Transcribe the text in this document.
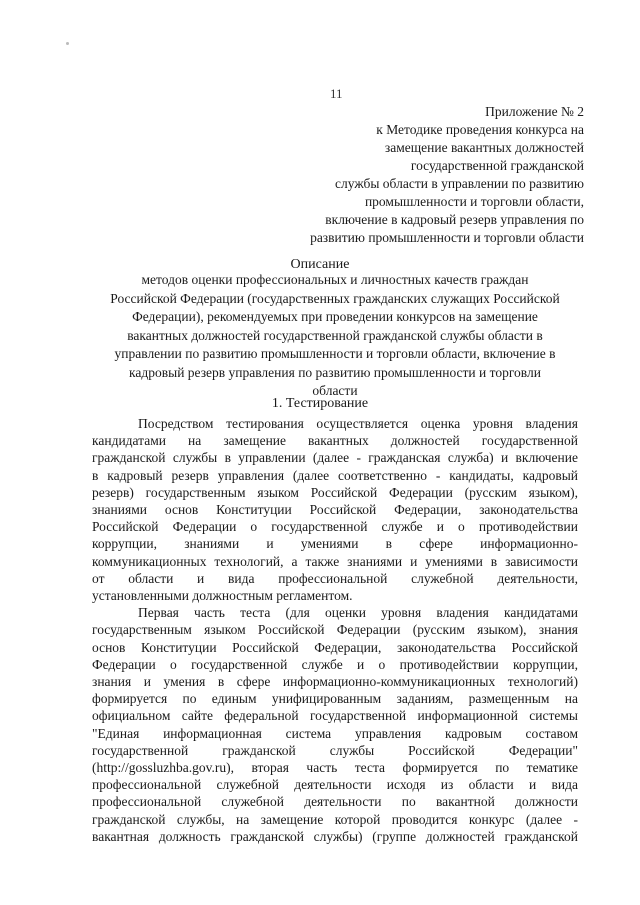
11
Приложение № 2
к Методике проведения конкурса на
замещение вакантных должностей
государственной гражданской
службы области в управлении по развитию
промышленности и торговли области,
включение в кадровый резерв управления по
развитию промышленности и торговли области
Описание
методов оценки профессиональных и личностных качеств граждан
Российской Федерации (государственных гражданских служащих Российской
Федерации), рекомендуемых при проведении конкурсов на замещение
вакантных должностей государственной гражданской службы области в
управлении по развитию промышленности и торговли области, включение в
кадровый резерв управления по развитию промышленности и торговли
области
1. Тестирование
Посредством тестирования осуществляется оценка уровня владения
кандидатами на замещение вакантных должностей государственной
гражданской службы в управлении (далее - гражданская служба) и включение
в кадровый резерв управления (далее соответственно - кандидаты, кадровый
резерв) государственным языком Российской Федерации (русским языком),
знаниями основ Конституции Российской Федерации, законодательства
Российской Федерации о государственной службе и о противодействии
коррупции, знаниями и умениями в сфере информационно-
коммуникационных технологий, а также знаниями и умениями в зависимости
от области и вида профессиональной служебной деятельности,
установленными должностным регламентом.
Первая часть теста (для оценки уровня владения кандидатами
государственным языком Российской Федерации (русским языком), знания
основ Конституции Российской Федерации, законодательства Российской
Федерации о государственной службе и о противодействии коррупции,
знания и умения в сфере информационно-коммуникационных технологий)
формируется по единым унифицированным заданиям, размещенным на
официальном сайте федеральной государственной информационной системы
"Единая информационная система управления кадровым составом
государственной гражданской службы Российской Федерации"
(http://gossluzhba.gov.ru), вторая часть теста формируется по тематике
профессиональной служебной деятельности исходя из области и вида
профессиональной служебной деятельности по вакантной должности
гражданской службы, на замещение которой проводится конкурс (далее -
вакантная должность гражданской службы) (группе должностей гражданской
